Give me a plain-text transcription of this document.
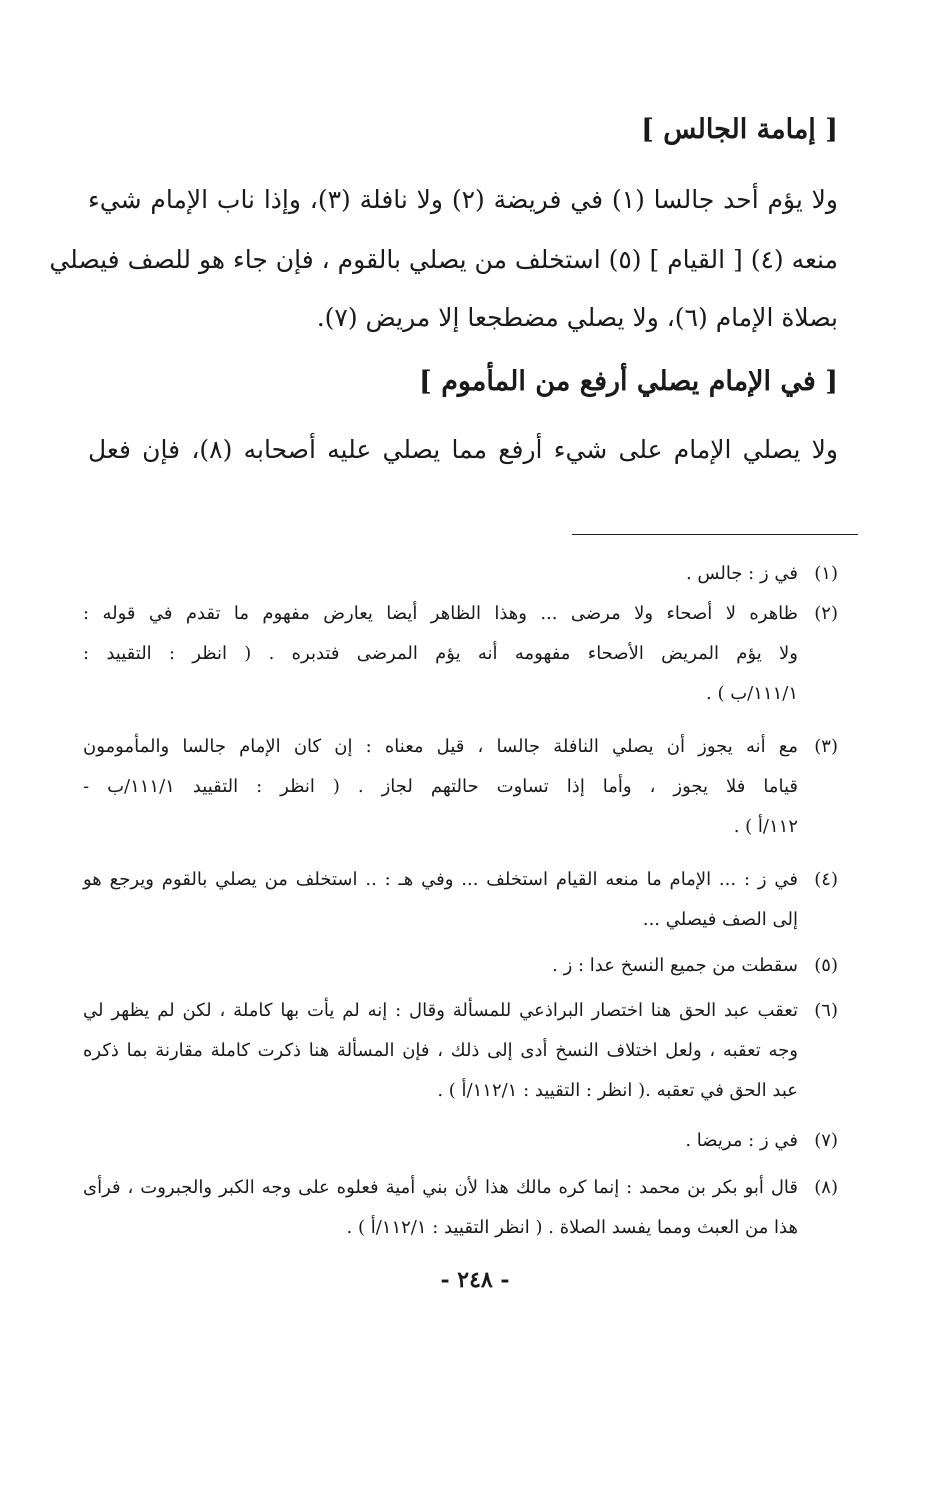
[ إمامة الجالس ]
ولا يؤم أحد جالسا (١) في فريضة (٢) ولا نافلة (٣)، وإذا ناب الإمام شيء
منعه (٤) [ القيام ] (٥) استخلف من يصلي بالقوم ، فإن جاء هو للصف فيصلي
بصلاة الإمام (٦)، ولا يصلي مضطجعا إلا مريض (٧).
[ في الإمام يصلي أرفع من المأموم ]
ولا يصلي الإمام على شيء أرفع مما يصلي عليه أصحابه (٨)، فإن فعل
(١)
في ز : جالس .
(٢)
ظاهره لا أصحاء ولا مرضى ... وهذا الظاهر أيضا يعارض مفهوم ما تقدم في قوله :
ولا يؤم المريض الأصحاء مفهومه أنه يؤم المرضى فتدبره . ( انظر : التقييد :
١١١/١/ب ) .
(٣)
مع أنه يجوز أن يصلي النافلة جالسا ، قيل معناه : إن كان الإمام جالسا والمأمومون
قياما فلا يجوز ، وأما إذا تساوت حالتهم لجاز . ( انظر : التقييد ١١١/١/ب -
١١٢/أ ) .
(٤)
في ز : ... الإمام ما منعه القيام استخلف ... وفي هـ : .. استخلف من يصلي بالقوم ويرجع هو
إلى الصف فيصلي ...
(٥)
سقطت من جميع النسخ عدا : ز .
(٦)
تعقب عبد الحق هنا اختصار البراذعي للمسألة وقال : إنه لم يأت بها كاملة ، لكن لم يظهر لي
وجه تعقبه ، ولعل اختلاف النسخ أدى إلى ذلك ، فإن المسألة هنا ذكرت كاملة مقارنة بما ذكره
عبد الحق في تعقبه .( انظر : التقييد : ١١٢/١/أ ) .
(٧)
في ز : مريضا .
(٨)
قال أبو بكر بن محمد : إنما كره مالك هذا لأن بني أمية فعلوه على وجه الكبر والجبروت ، فرأى
هذا من العبث ومما يفسد الصلاة . ( انظر التقييد : ١١٢/١/أ ) .
- ٢٤٨ -
